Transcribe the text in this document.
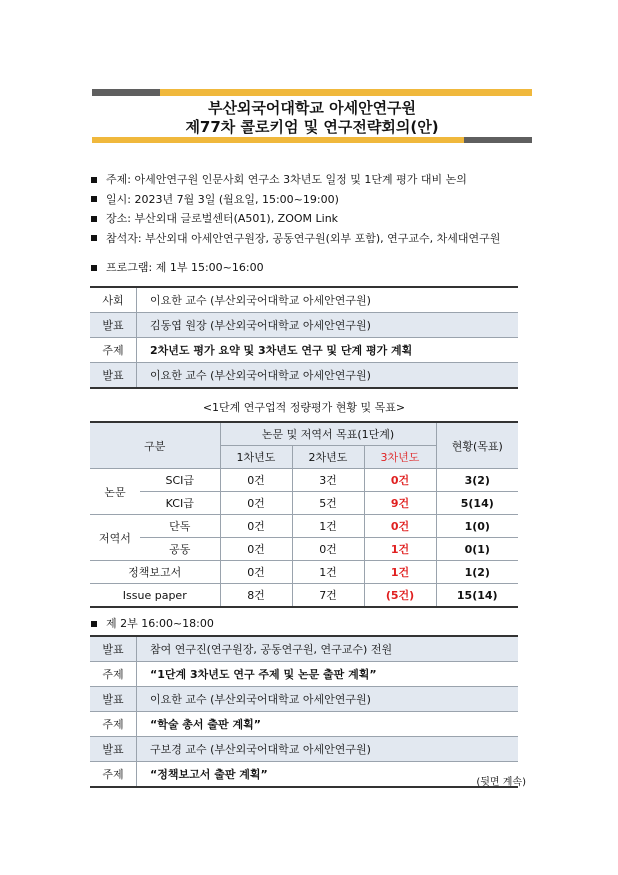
부산외국어대학교 아세안연구원
제77차 콜로키엄 및 연구전략회의(안)
주제: 아세안연구원 인문사회 연구소 3차년도 일정 및 1단계 평가 대비 논의
일시: 2023년 7월 3일 (월요일, 15:00~19:00)
장소: 부산외대 글로벌센터(A501), ZOOM Link
참석자: 부산외대 아세안연구원장, 공동연구원(외부 포함), 연구교수, 차세대연구원
프로그램: 제 1부 15:00~16:00
사회	이요한 교수 (부산외국어대학교 아세안연구원)
발표	김동엽 원장 (부산외국어대학교 아세안연구원)
주제	2차년도 평가 요약 및 3차년도 연구 및 단계 평가 계획
발표	이요한 교수 (부산외국어대학교 아세안연구원)
<1단계 연구업적 정량평가 현황 및 목표>
구분		논문 및 저역서 목표(1단계)			현황(목표)
		1차년도	2차년도	3차년도	
논문	SCI급	0건	3건	0건	3(2)
	KCI급	0건	5건	9건	5(14)
저역서	단독	0건	1건	0건	1(0)
	공동	0건	0건	1건	0(1)
정책보고서		0건	1건	1건	1(2)
Issue paper		8건	7건	(5건)	15(14)
제 2부 16:00~18:00
발표	참여 연구진(연구원장, 공동연구원, 연구교수) 전원
주제	“1단계 3차년도 연구 주제 및 논문 출판 계획”
발표	이요한 교수 (부산외국어대학교 아세안연구원)
주제	“학술 총서 출판 계획”
발표	구보경 교수 (부산외국어대학교 아세안연구원)
주제	“정책보고서 출판 계획”
(뒷면 계속)
